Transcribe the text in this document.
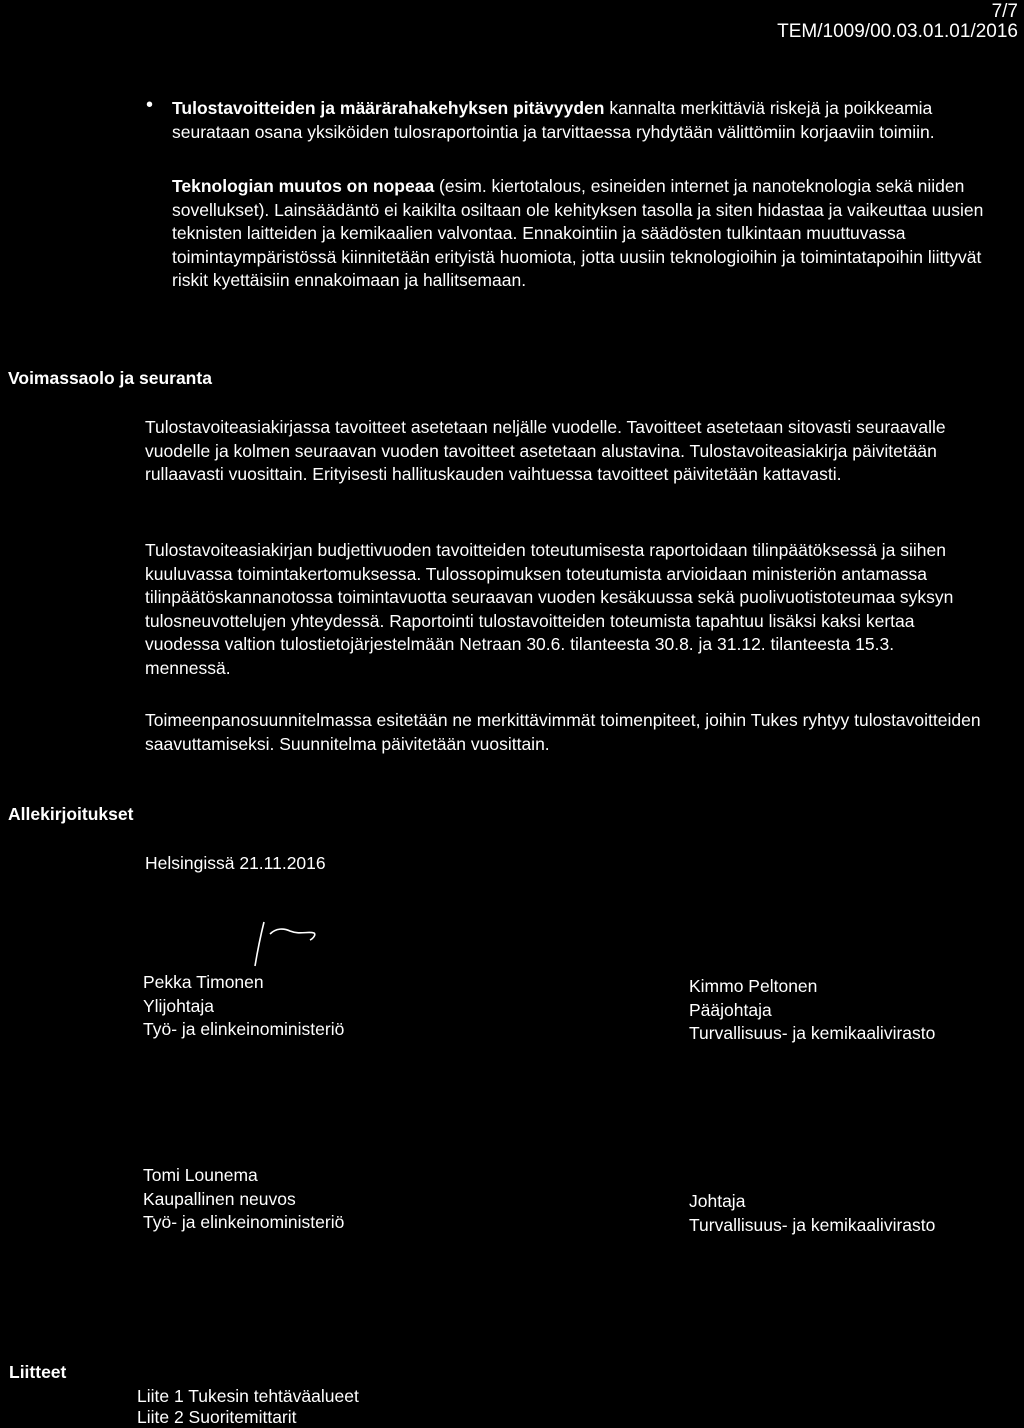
7/7
TEM/1009/00.03.01.01/2016
• Tulostavoitteiden ja määrärahakehyksen pitävyyden kannalta merkittäviä riskejä ja poikkeamia seurataan osana yksiköiden tulosraportointia ja tarvittaessa ryhdytään välittömiin korjaaviin toimiin.
Teknologian muutos on nopeaa (esim. kiertotalous, esineiden internet ja nanoteknologia sekä niiden sovellukset). Lainsäädäntö ei kaikilta osiltaan ole kehityksen tasolla ja siten hidastaa ja vaikeuttaa uusien teknisten laitteiden ja kemikaalien valvontaa. Ennakointiin ja säädösten tulkintaan muuttuvassa toimintaympäristössä kiinnitetään erityistä huomiota, jotta uusiin teknologioihin ja toimintatapoihin liittyvät riskit kyettäisiin ennakoimaan ja hallitsemaan.
Voimassaolo ja seuranta
Tulostavoiteasiakirjassa tavoitteet asetetaan neljälle vuodelle. Tavoitteet asetetaan sitovasti seuraavalle vuodelle ja kolmen seuraavan vuoden tavoitteet asetetaan alustavina. Tulostavoiteasiakirja päivitetään rullaavasti vuosittain. Erityisesti hallituskauden vaihtuessa tavoitteet päivitetään kattavasti.
Tulostavoiteasiakirjan budjettivuoden tavoitteiden toteutumisesta raportoidaan tilinpäätöksessä ja siihen kuuluvassa toimintakertomuksessa. Tulossopimuksen toteutumista arvioidaan ministeriön antamassa tilinpäätöskannanotossa toimintavuotta seuraavan vuoden kesäkuussa sekä puolivuotistoteumaa syksyn tulosneuvottelujen yhteydessä. Raportointi tulostavoitteiden toteumista tapahtuu lisäksi kaksi kertaa vuodessa valtion tulostietojärjestelmään Netraan 30.6. tilanteesta 30.8. ja 31.12. tilanteesta 15.3. mennessä.
Toimeenpanosuunnitelmassa esitetään ne merkittävimmät toimenpiteet, joihin Tukes ryhtyy tulostavoitteiden saavuttamiseksi. Suunnitelma päivitetään vuosittain.
Allekirjoitukset
Helsingissä 21.11.2016
Pekka Timonen
Ylijohtaja
Työ- ja elinkeinoministeriö
Kimmo Peltonen
Pääjohtaja
Turvallisuus- ja kemikaalivirasto
Tomi Lounema
Kaupallinen neuvos
Työ- ja elinkeinoministeriö
Johtaja
Turvallisuus- ja kemikaalivirasto
Liitteet
Liite 1 Tukesin tehtäväalueet
Liite 2 Suoritemittarit
